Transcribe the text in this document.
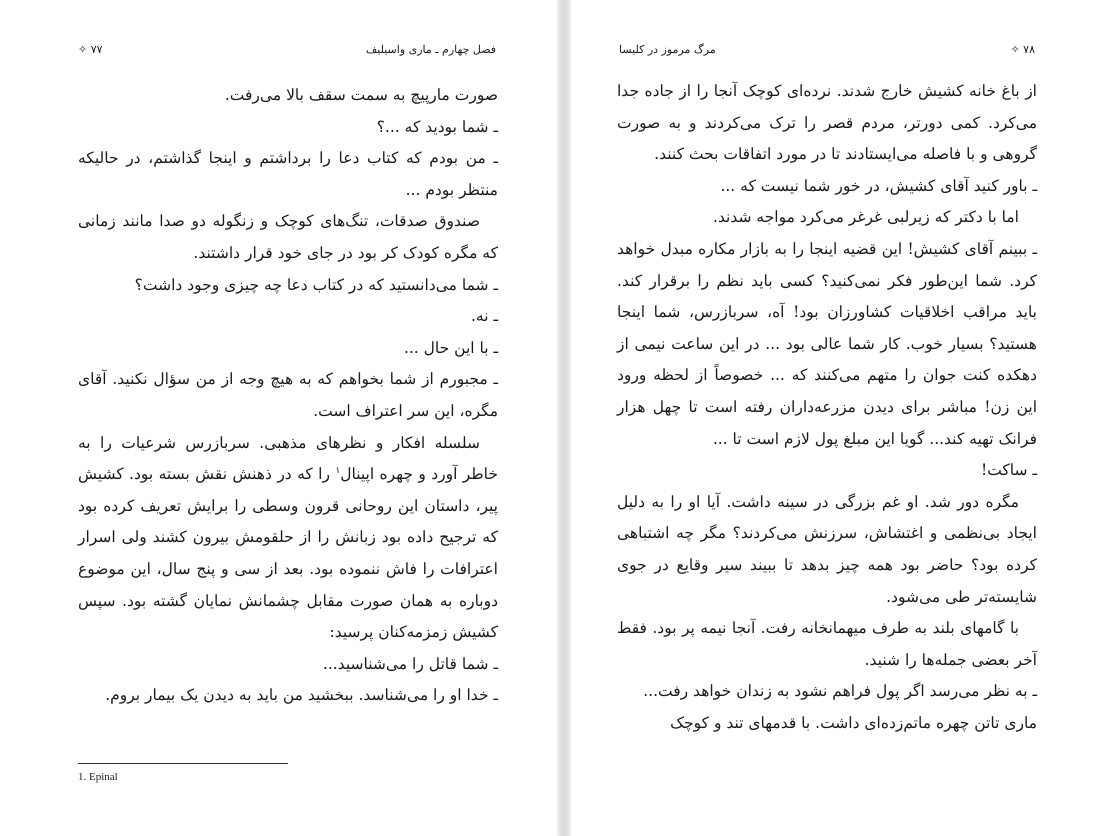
فصل چهارم ـ ماری واسیلیف
۷۷ ✧

صورت مارپیچ به سمت سقف بالا می‌رفت.

ـ شما بودید که ...؟

ـ من بودم که کتاب دعا را برداشتم و اینجا گذاشتم، در حالیکه منتظر بودم ...

صندوق صدقات، تنگ‌های کوچک و زنگوله دو صدا مانند زمانی که مگره کودک کر بود در جای خود قرار داشتند.

ـ شما می‌دانستید که در کتاب دعا چه چیزی وجود داشت؟

ـ نه.

ـ با این حال ...

ـ مجبورم از شما بخواهم که به هیچ وجه از من سؤال نکنید. آقای مگره، این سر اعتراف است.

سلسله افکار و نظرهای مذهبی. سربازرس شرعیات را به خاطر آورد و چهره اپینال$^۱$ را که در ذهنش نقش بسته بود. کشیش پیر، داستان این روحانی قرون وسطی را برایش تعریف کرده بود که ترجیح داده بود زبانش را از حلقومش بیرون کشند ولی اسرار اعترافات را فاش ننموده بود. بعد از سی و پنج سال، این موضوع دوباره به همان صورت مقابل چشمانش نمایان گشته بود. سپس کشیش زمزمه‌کنان پرسید:

ـ شما قاتل را می‌شناسید...

ـ خدا او را می‌شناسد. ببخشید من باید به دیدن یک بیمار بروم.

1. Epinal
مرگ مرموز در کلیسا	۷۸ ✧

از باغ خانه کشیش خارج شدند. نرده‌ای کوچک آنجا را از جاده جدا می‌کرد. کمی دورتر، مردم قصر را ترک می‌کردند و به صورت گروهی و با فاصله می‌ایستادند تا در مورد اتفاقات بحث کنند.

ـ باور کنید آقای کشیش، در خور شما نیست که ...

اما با دکتر که زیرلبی غرغر می‌کرد مواجه شدند.

ـ ببینم آقای کشیش! این قضیه اینجا را به بازار مکاره مبدل خواهد کرد. شما این‌طور فکر نمی‌کنید؟ کسی باید نظم را برقرار کند. باید مراقب اخلاقیات کشاورزان بود! آه، سربازرس، شما اینجا هستید؟ بسیار خوب. کار شما عالی بود ... در این ساعت نیمی از دهکده کنت جوان را متهم می‌کنند که ... خصوصاً از لحظه ورود این زن! مباشر برای دیدن مزرعه‌داران رفته است تا چهل هزار فرانک تهیه کند... گویا این مبلغ پول لازم است تا ...

ـ ساکت!

مگره دور شد. او غم بزرگی در سینه داشت. آیا او را به دلیل ایجاد بی‌نظمی و اغتشاش، سرزنش می‌کردند؟ مگر چه اشتباهی کرده بود؟ حاضر بود همه چیز بدهد تا ببیند سیر وقایع در جوی شایسته‌تر طی می‌شود.

با گامهای بلند به طرف میهمانخانه رفت. آنجا نیمه پر بود. فقط آخر بعضی جمله‌ها را شنید.

ـ به نظر می‌رسد اگر پول فراهم نشود به زندان خواهد رفت...

ماری تاتن چهره ماتم‌زده‌ای داشت. با قدمهای تند و کوچک
